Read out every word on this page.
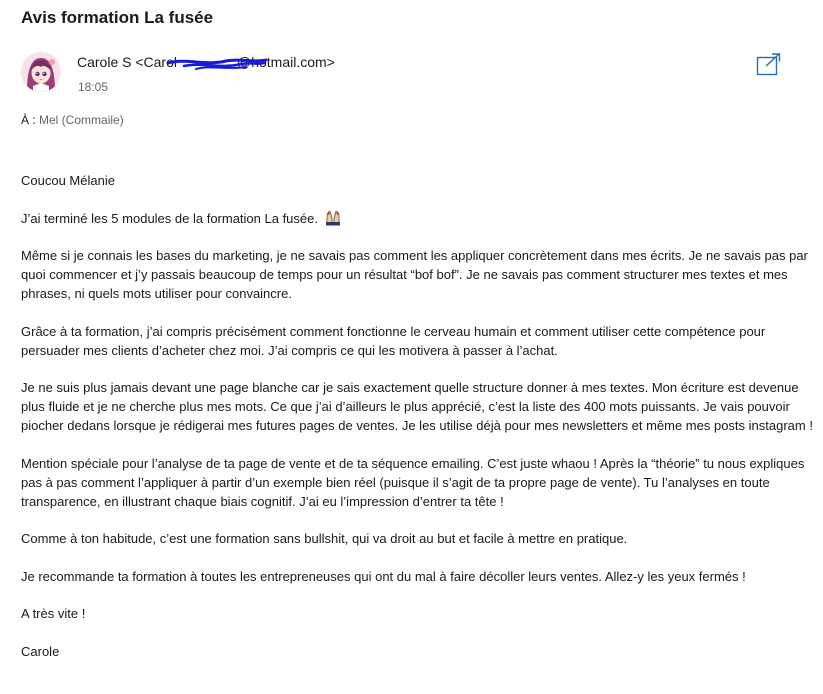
Avis formation La fusée
Carole S <Carol	@hotmail.com>
18:05
À : Mel (Commaile)

Coucou Mélanie

J’ai terminé les 5 modules de la formation La fusée.

Même si je connais les bases du marketing, je ne savais pas comment les appliquer concrètement dans mes écrits. Je ne savais pas par quoi commencer et j’y passais beaucoup de temps pour un résultat “bof bof”. Je ne savais pas comment structurer mes textes et mes phrases, ni quels mots utiliser pour convaincre.

Grâce à ta formation, j’ai compris précisément comment fonctionne le cerveau humain et comment utiliser cette compétence pour persuader mes clients d’acheter chez moi. J’ai compris ce qui les motivera à passer à l’achat.

Je ne suis plus jamais devant une page blanche car je sais exactement quelle structure donner à mes textes. Mon écriture est devenue plus fluide et je ne cherche plus mes mots. Ce que j’ai d’ailleurs le plus apprécié, c’est la liste des 400 mots puissants. Je vais pouvoir piocher dedans lorsque je rédigerai mes futures pages de ventes. Je les utilise déjà pour mes newsletters et même mes posts instagram !

Mention spéciale pour l’analyse de ta page de vente et de ta séquence emailing. C’est juste whaou ! Après la “théorie” tu nous expliques pas à pas comment l’appliquer à partir d’un exemple bien réel (puisque il s’agit de ta propre page de vente). Tu l’analyses en toute transparence, en illustrant chaque biais cognitif. J’ai eu l’impression d’entrer ta tête !

Comme à ton habitude, c’est une formation sans bullshit, qui va droit au but et facile à mettre en pratique.

Je recommande ta formation à toutes les entrepreneuses qui ont du mal à faire décoller leurs ventes. Allez-y les yeux fermés !

A très vite !

Carole
